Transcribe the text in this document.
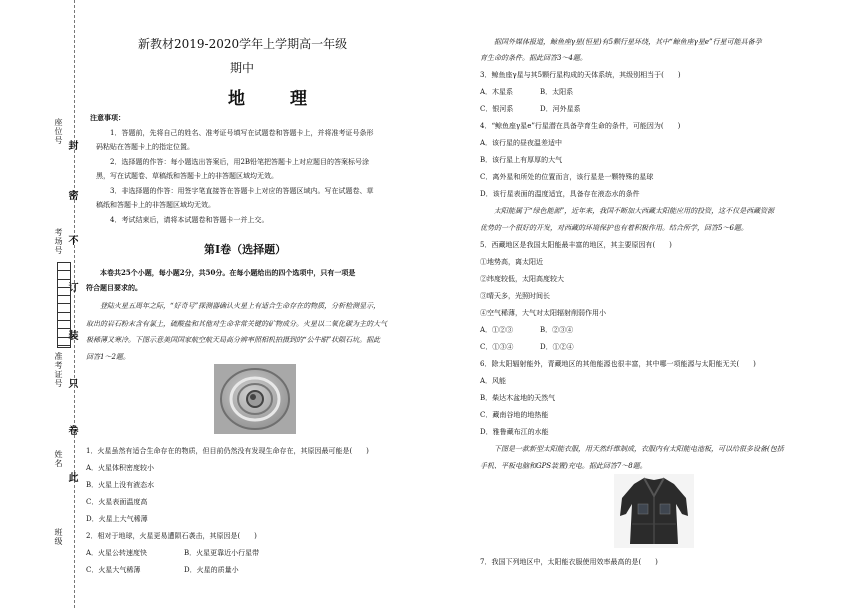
封
密
不
订
装
只
卷
此
座位号
考场号
准考证号
姓名
班级

新教材2019-2020学年上学期高一年级

期中

地　理

注意事项：

1．答题前，先将自己的姓名、准考证号填写在试题卷和答题卡上，并将准考证号条形

码粘贴在答题卡上的指定位置。

2．选择题的作答：每小题选出答案后，用2B铅笔把答题卡上对应题目的答案标号涂

黑，写在试题卷、草稿纸和答题卡上的非答题区域均无效。

3．非选择题的作答：用签字笔直接答在答题卡上对应的答题区域内。写在试题卷、草

稿纸和答题卡上的非答题区域均无效。

4．考试结束后，请将本试题卷和答题卡一并上交。

第Ⅰ卷（选择题）

本卷共25个小题，每小题2分，共50分。在每小题给出的四个选项中，只有一项是

符合题目要求的。

登陆火星五周年之际，“好奇号”探测器确认火星上有适合生命存在的物质，分析检测显示，

取出的岩石粉末含有氯土，硫酸盐和其他对生命非常关键的矿物成分。火星以二氧化碳为主的大气

极稀薄又寒冷。下图示意美国国家航空航天局高分辨率照相机拍摄到的“公牛眼”状陨石坑。据此

回答1～2题。

1．火星虽然有适合生命存在的物质，但目前仍然没有发现生命存在，其原因最可能是(　　)

A．火星体积密度较小

B．火星上没有液态水

C．火星表面温度高

D．火星上大气稀薄

2．相对于地球，火星更易遭陨石袭击，其原因是(　　)

A．火星公转速度快	B．火星更靠近小行星带

C．火星大气稀薄	D．火星的质量小

据国外媒体报道，鲸鱼座γ星(恒星)有5颗行星环绕，其中“鲸鱼座γ星e”行星可能具备孕

育生命的条件。据此回答3～4题。

3．鲸鱼座γ星与其5颗行星构成的天体系统，其级别相当于(　　)

A．木星系	B．太阳系

C．银河系	D．河外星系

4．“鲸鱼座γ星e”行星潜在具备孕育生命的条件，可能因为(　　)

A．该行星的昼夜温差适中

B．该行星上有厚厚的大气

C．离外星和所处的位置而言，该行星是一颗特殊的星球

D．该行星表面的温度适宜，具备存在液态水的条件

太阳能属于“绿色能源”，近年来，我国不断加大西藏太阳能应用的投资，这不仅是西藏资源

优势的一个很好的开发，对西藏的环境保护也有着积极作用。结合所学，回答5～6题。

5．西藏地区是我国太阳能最丰富的地区，其主要原因有(　　)

①地势高，离太阳近

②纬度较低，太阳高度较大

③晴天多，光照时间长

④空气稀薄，大气对太阳辐射削弱作用小

A．①②③	B．②③④

C．①③④	D．①②④

6．除太阳辐射能外，青藏地区的其他能源也很丰富，其中哪一项能源与太阳能无关(　　)

A．风能

B．柴达木盆地的天然气

C．藏南谷地的地热能

D．雅鲁藏布江的水能

下图是一款新型太阳能衣服，用天然纤维制成，衣服内有太阳能电池板，可以给很多设备(包括

手机、平板电脑和GPS装置)充电。据此回答7～8题。

7．我国下列地区中，太阳能衣服使用效率最高的是(　　)
